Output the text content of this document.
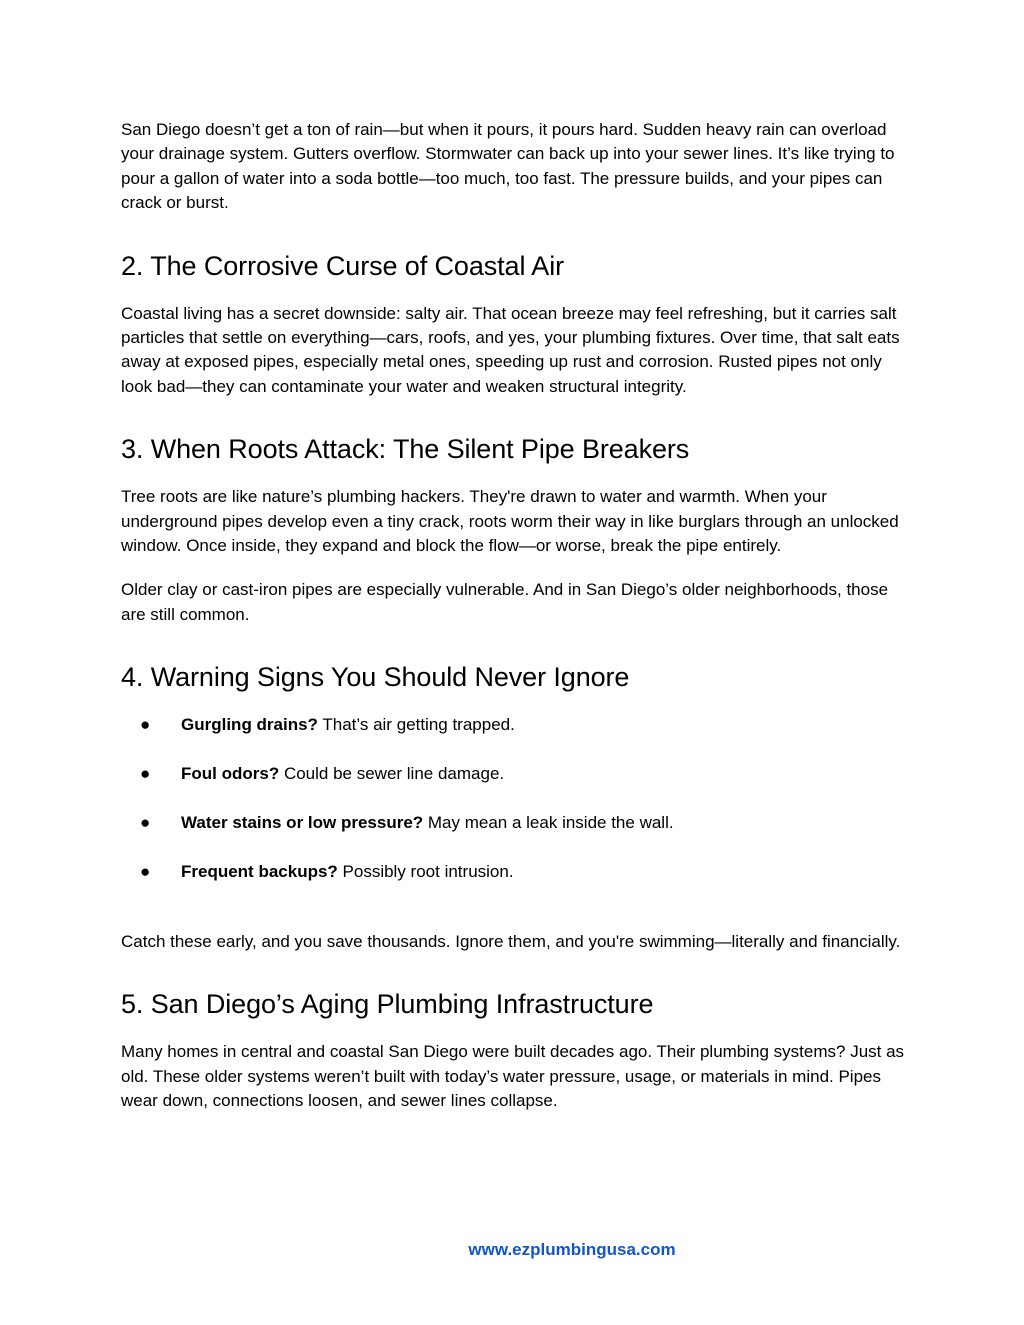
San Diego doesn’t get a ton of rain—but when it pours, it pours hard. Sudden heavy rain can overload your drainage system. Gutters overflow. Stormwater can back up into your sewer lines. It’s like trying to pour a gallon of water into a soda bottle—too much, too fast. The pressure builds, and your pipes can crack or burst.

2. The Corrosive Curse of Coastal Air

Coastal living has a secret downside: salty air. That ocean breeze may feel refreshing, but it carries salt particles that settle on everything—cars, roofs, and yes, your plumbing fixtures. Over time, that salt eats away at exposed pipes, especially metal ones, speeding up rust and corrosion. Rusted pipes not only look bad—they can contaminate your water and weaken structural integrity.

3. When Roots Attack: The Silent Pipe Breakers

Tree roots are like nature’s plumbing hackers. They're drawn to water and warmth. When your underground pipes develop even a tiny crack, roots worm their way in like burglars through an unlocked window. Once inside, they expand and block the flow—or worse, break the pipe entirely.

Older clay or cast-iron pipes are especially vulnerable. And in San Diego’s older neighborhoods, those are still common.

4. Warning Signs You Should Never Ignore
● Gurgling drains? That’s air getting trapped.
● Foul odors? Could be sewer line damage.
● Water stains or low pressure? May mean a leak inside the wall.
● Frequent backups? Possibly root intrusion.

Catch these early, and you save thousands. Ignore them, and you're swimming—literally and financially.

5. San Diego’s Aging Plumbing Infrastructure

Many homes in central and coastal San Diego were built decades ago. Their plumbing systems? Just as old. These older systems weren’t built with today’s water pressure, usage, or materials in mind. Pipes wear down, connections loosen, and sewer lines collapse.

www.ezplumbingusa.com
